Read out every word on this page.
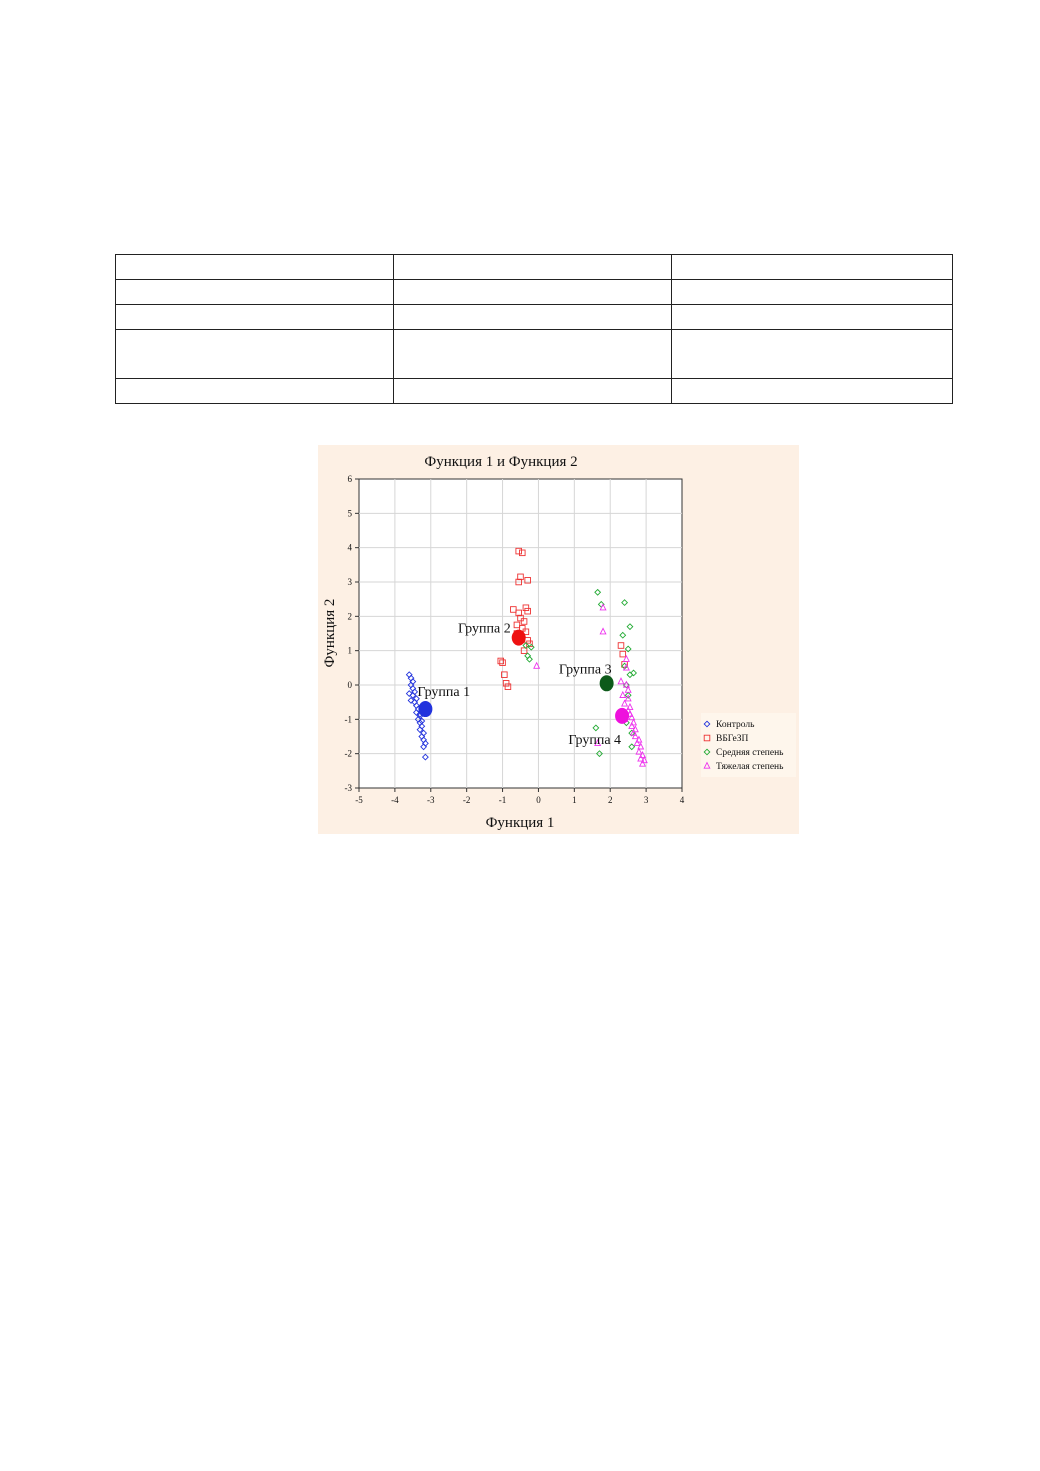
Функция 1 и Функция 2
-5	-4	-3	-2	-1	0	1	2	3	4
-3
-2
-1
0
1
2
3
4
5
6
Группа 1
Группа 2
Группа 3
Группа 4
Функция 1
Функция 2
Контроль
ВБГеЗП
Средняя степень
Тяжелая степень
